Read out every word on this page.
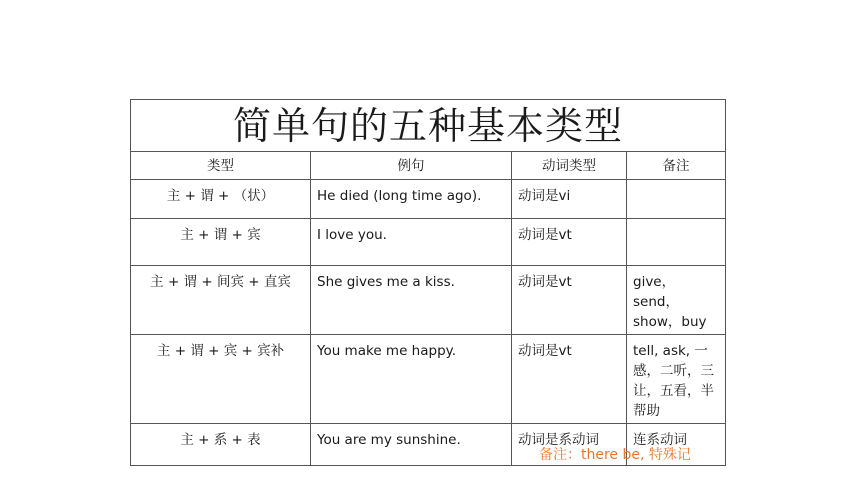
简单句的五种基本类型			
类型	例句	动词类型	备注
主 + 谓 + （状）	He died (long time ago).	动词是vi	
主 + 谓 + 宾	I love you.	动词是vt	
主 + 谓 + 间宾 + 直宾	She gives me a kiss.	动词是vt	give，send，show，buy
主 + 谓 + 宾 + 宾补	You make me happy.	动词是vt	tell, ask, 一感，二听，三让，五看，半帮助
主 + 系 + 表	You are my sunshine.	动词是系动词	连系动词
备注：there be, 特殊记
